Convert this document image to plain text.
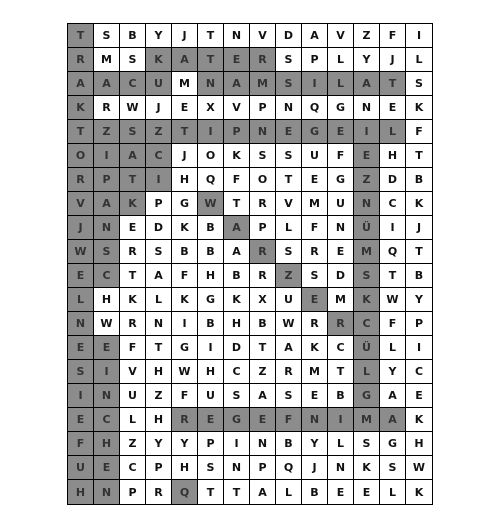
T	S	B	Y	J	T	N	V	D	A	V	Z	F	I
R	M	S	K	A	T	E	R	S	P	L	Y	J	L
A	A	C	U	M	N	A	M	S	I	L	A	T	S
K	R	W	J	E	X	V	P	N	Q	G	N	E	K
T	Z	S	Z	T	I	P	N	E	G	E	I	L	F
O	I	A	C	J	O	K	S	S	U	F	E	H	T
R	P	T	I	H	Q	F	O	T	E	G	Z	D	B
V	A	K	P	G	W	T	R	V	M	U	N	C	K
J	N	E	D	K	B	A	P	L	F	N	Ü	I	J
W	S	R	S	B	B	A	R	S	R	E	M	Q	T
E	C	T	A	F	H	B	R	Z	S	D	S	T	B
L	H	K	L	K	G	K	X	U	E	M	K	W	Y
N	W	R	N	I	B	H	B	W	R	R	C	F	P
E	E	F	T	G	I	D	T	A	K	C	Ü	L	I
S	I	V	H	W	H	C	Z	R	M	T	L	Y	C
I	N	U	Z	F	U	S	A	S	E	B	G	A	E
E	C	L	H	R	E	G	E	F	N	I	M	A	K
F	H	Z	Y	Y	P	I	N	B	Y	L	S	G	H
U	E	C	P	H	S	N	P	Q	J	N	K	S	W
H	N	P	R	Q	T	T	A	L	B	E	E	L	K
